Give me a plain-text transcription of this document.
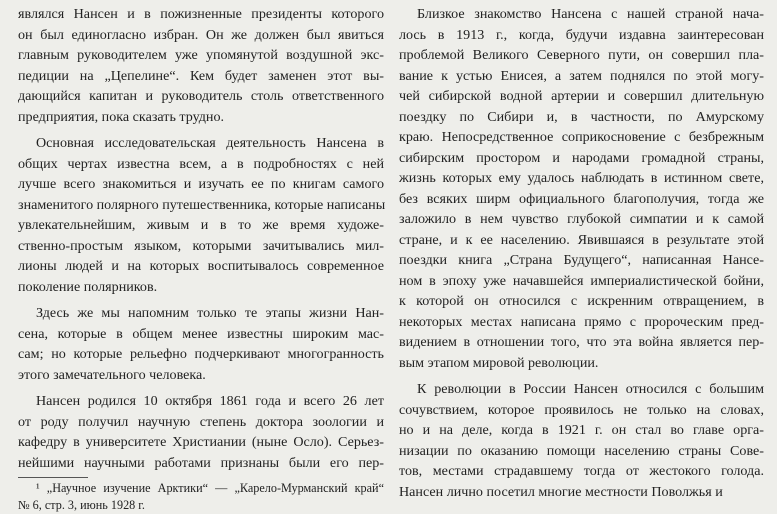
являлся Нансен и в пожизненные президенты которого
он был единогласно избран. Он же должен был явиться
главным руководителем уже упомянутой воздушной экс-
педиции на „Цепелине“. Кем будет заменен этот вы-
дающийся капитан и руководитель столь ответственного
предприятия, пока сказать трудно.
Основная исследовательская деятельность Нансена в
общих чертах известна всем, а в подробностях с ней
лучше всего знакомиться и изучать ее по книгам самого
знаменитого полярного путешественника, которые написаны
увлекательнейшим, живым и в то же время художе-
ственно-простым языком, которыми зачитывались мил-
лионы людей и на которых воспитывалось современное
поколение полярников.
Здесь же мы напомним только те этапы жизни Нан-
сена, которые в общем менее известны широким мас-
сам; но которые рельефно подчеркивают многогранность
этого замечательного человека.
Нансен родился 10 октября 1861 года и всего 26 лет
от роду получил научную степень доктора зоологии и
кафедру в университете Христиании (ныне Осло). Серьез-
нейшими научными работами признаны были его пер-
¹ „Научное изучение Арктики“ — „Карело-Мурманский край“
№ 6, стр. 3, июнь 1928 г.
Близкое знакомство Нансена с нашей страной начa-
лось в 1913 г., когда, будучи издавна заинтересован
проблемой Великого Северного пути, он совершил пла-
вание к устью Енисея, а затем поднялся по этой могу-
чей сибирской водной артерии и совершил длительную
поездку по Сибири и, в частности, по Амурскому
краю. Непосредственное соприкосновение с безбрежным
сибирским простором и народами громадной страны,
жизнь которых ему удалось наблюдать в истинном свете,
без всяких ширм официального благополучия, тогда же
заложило в нем чувство глубокой симпатии и к самой
стране, и к ее населению. Явившаяся в результате этой
поездки книга „Страна Будущего“, написанная Нансе-
ном в эпоху уже начавшейся империалистической бойни,
к которой он относился с искренним отвращением, в
некоторых местах написана прямо с пророческим пред-
видением в отношении того, что эта война является пер-
вым этапом мировой революции.
К революции в России Нансен относился с большим
сочувствием, которое проявилось не только на словах,
но и на деле, когда в 1921 г. он стал во главе орга-
низации по оказанию помощи населению страны Сове-
тов, местами страдавшему тогда от жестокого голода.
Нансен лично посетил многие местности Поволжья и
